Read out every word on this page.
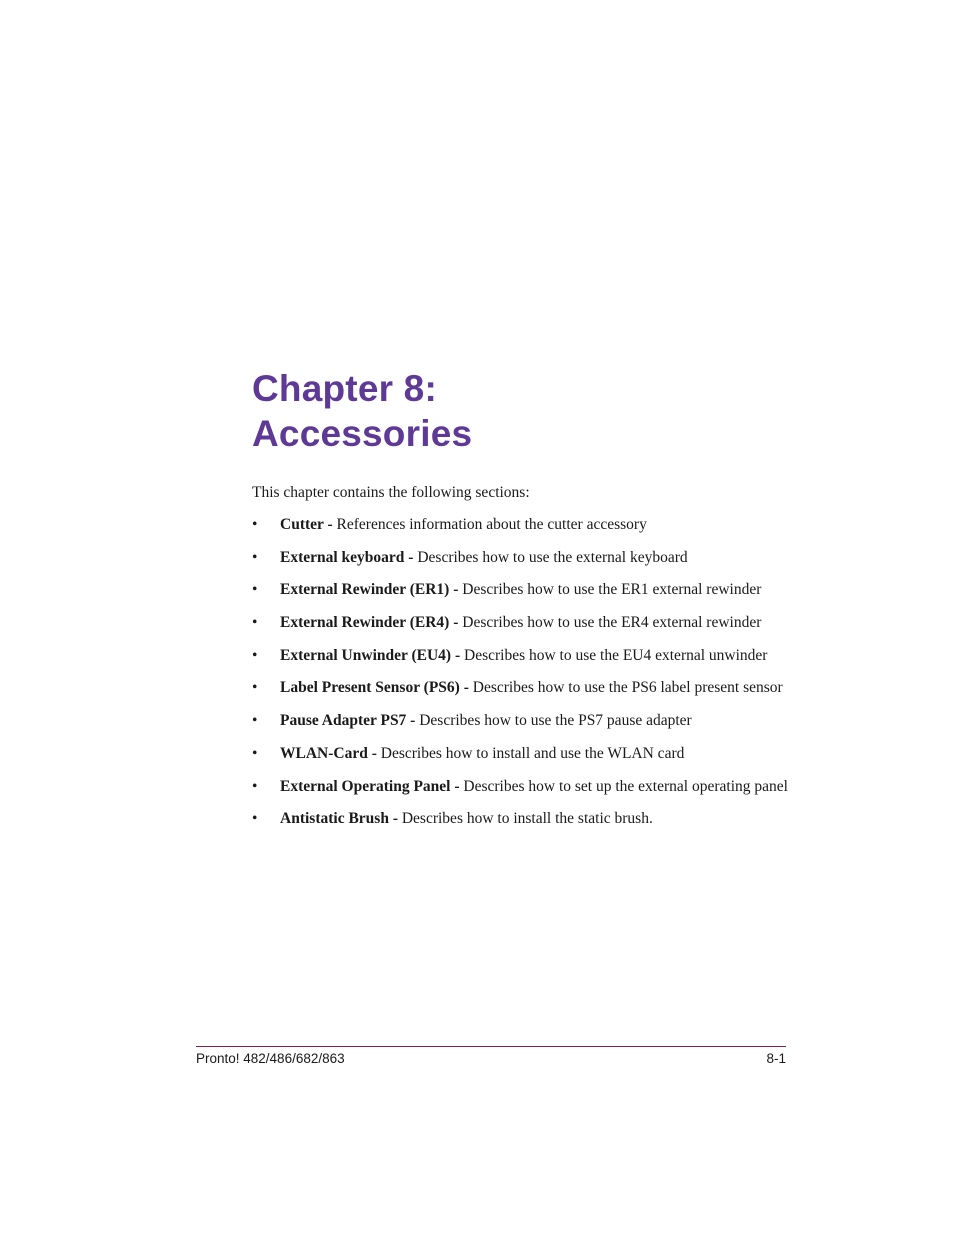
Chapter 8:
Accessories

This chapter contains the following sections:

• Cutter - References information about the cutter accessory
• External keyboard - Describes how to use the external keyboard
• External Rewinder (ER1) - Describes how to use the ER1 external rewinder
• External Rewinder (ER4) - Describes how to use the ER4 external rewinder
• External Unwinder (EU4) - Describes how to use the EU4 external unwinder
• Label Present Sensor (PS6) - Describes how to use the PS6 label present sensor
• Pause Adapter PS7 - Describes how to use the PS7 pause adapter
• WLAN-Card - Describes how to install and use the WLAN card
• External Operating Panel - Describes how to set up the external operating panel
• Antistatic Brush - Describes how to install the static brush.
Pronto! 482/486/682/863	8-1
